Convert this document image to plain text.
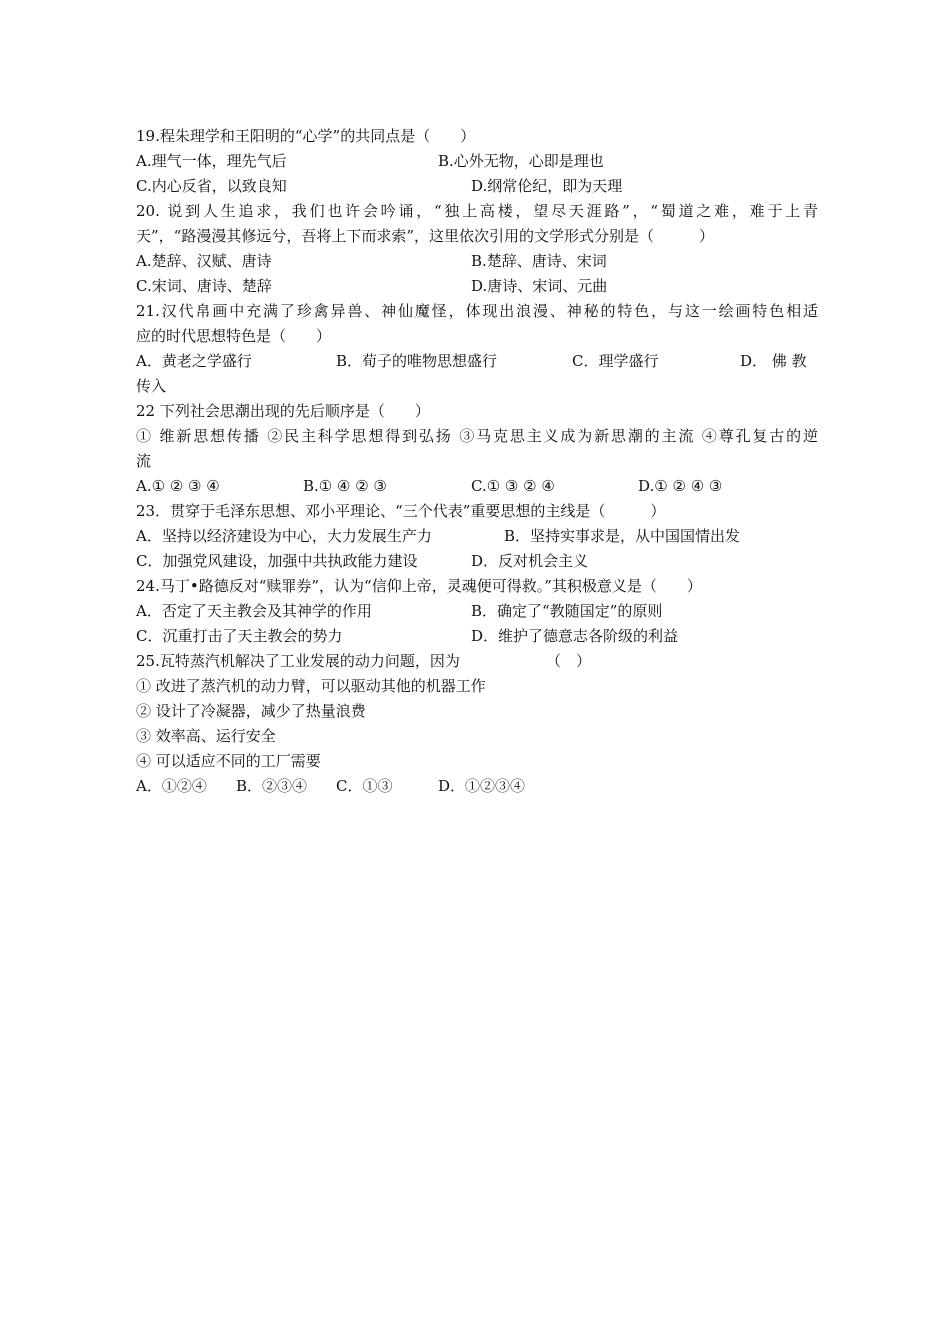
19.程朱理学和王阳明的“心学”的共同点是（　　）
A.理气一体，理先气后	B.心外无物，心即是理也
C.内心反省，以致良知	D.纲常伦纪，即为天理
20. 说到人生追求，我们也许会吟诵，“独上高楼，望尽天涯路”，“蜀道之难，难于上青
天”，“路漫漫其修远兮，吾将上下而求索”，这里依次引用的文学形式分别是（　　　）
A.楚辞、汉赋、唐诗	B.楚辞、唐诗、宋词
C.宋词、唐诗、楚辞	D.唐诗、宋词、元曲
21.汉代帛画中充满了珍禽异兽、神仙魔怪，体现出浪漫、神秘的特色，与这一绘画特色相适
应的时代思想特色是（　　）
A．黄老之学盛行	B．荀子的唯物思想盛行	C．理学盛行	D． 佛 教
传入
22 下列社会思潮出现的先后顺序是（　　）
① 维新思想传播 ②民主科学思想得到弘扬 ③马克思主义成为新思潮的主流 ④尊孔复古的逆
流
A.① ② ③ ④	B.① ④ ② ③	C.① ③ ② ④	D.① ② ④ ③
23．贯穿于毛泽东思想、邓小平理论、“三个代表”重要思想的主线是（　　　）
A．坚持以经济建设为中心，大力发展生产力	B．坚持实事求是，从中国国情出发
C．加强党风建设，加强中共执政能力建设	D．反对机会主义
24.马丁•路德反对“赎罪券”，认为“信仰上帝，灵魂便可得救。”其积极意义是（　　）
A．否定了天主教会及其神学的作用	B．确定了“教随国定”的原则
C．沉重打击了天主教会的势力	D．维护了德意志各阶级的利益
25.瓦特蒸汽机解决了工业发展的动力问题，因为	（　）
① 改进了蒸汽机的动力臂，可以驱动其他的机器工作
② 设计了冷凝器，减少了热量浪费
③ 效率高、运行安全
④ 可以适应不同的工厂需要
A．①②④ B．②③④ C．①③	D．①②③④
